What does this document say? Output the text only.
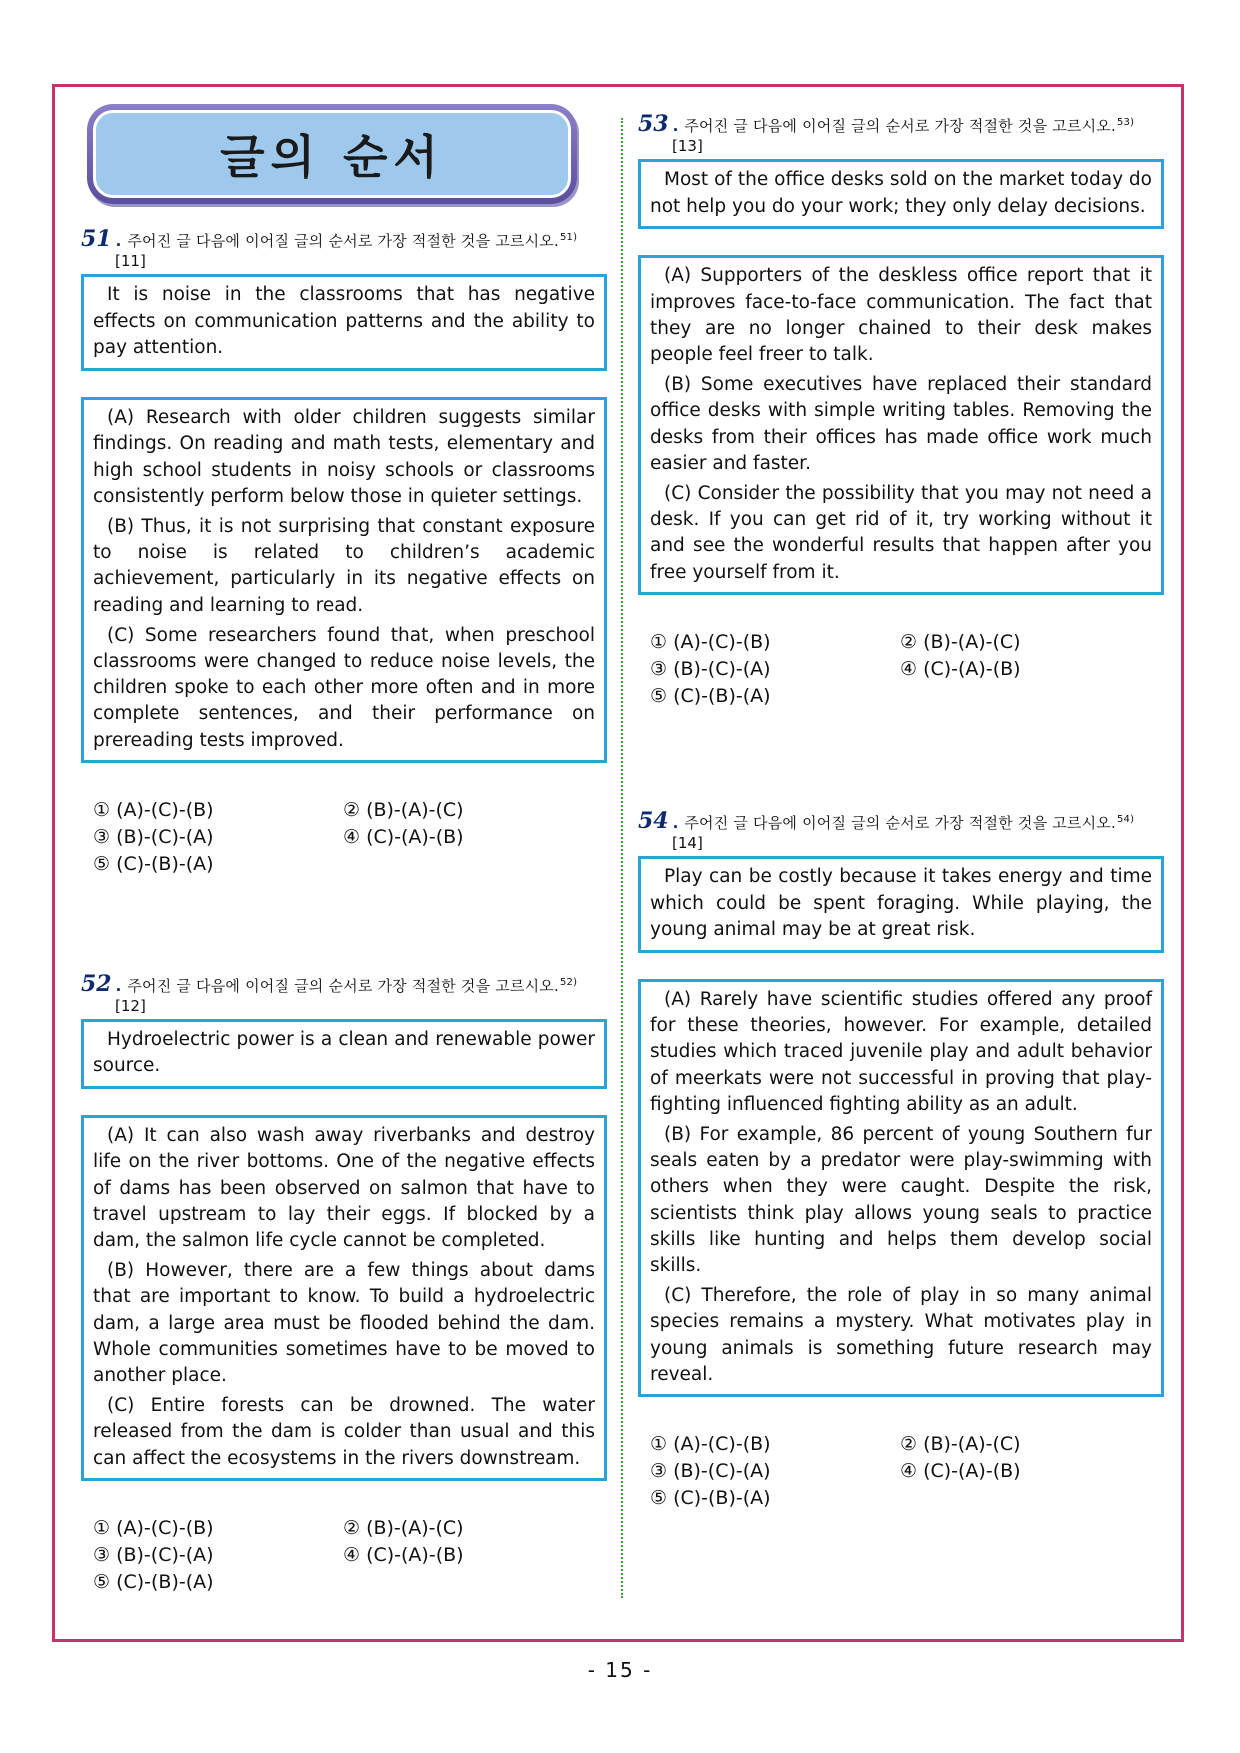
글의 순서
51 . 주어진 글 다음에 이어질 글의 순서로 가장 적절한 것을 고르시오.$^{51)}$
[11]

It is noise in the classrooms that has negative effects on communication patterns and the ability to pay attention.

(A) Research with older children suggests similar findings. On reading and math tests, elementary and high school students in noisy schools or classrooms consistently perform below those in quieter settings.

(B) Thus, it is not surprising that constant exposure to noise is related to children’s academic achievement, particularly in its negative effects on reading and learning to read.

(C) Some researchers found that, when preschool classrooms were changed to reduce noise levels, the children spoke to each other more often and in more complete sentences, and their performance on prereading tests improved.

① (A)-(C)-(B)	② (B)-(A)-(C)
③ (B)-(C)-(A)	④ (C)-(A)-(B)
⑤ (C)-(B)-(A)
52 . 주어진 글 다음에 이어질 글의 순서로 가장 적절한 것을 고르시오.$^{52)}$
[12]

Hydroelectric power is a clean and renewable power source.

(A) It can also wash away riverbanks and destroy life on the river bottoms. One of the negative effects of dams has been observed on salmon that have to travel upstream to lay their eggs. If blocked by a dam, the salmon life cycle cannot be completed.

(B) However, there are a few things about dams that are important to know. To build a hydroelectric dam, a large area must be flooded behind the dam. Whole communities sometimes have to be moved to another place.

(C) Entire forests can be drowned. The water released from the dam is colder than usual and this can affect the ecosystems in the rivers downstream.

① (A)-(C)-(B)	② (B)-(A)-(C)
③ (B)-(C)-(A)	④ (C)-(A)-(B)
⑤ (C)-(B)-(A)
53 . 주어진 글 다음에 이어질 글의 순서로 가장 적절한 것을 고르시오.$^{53)}$
[13]

Most of the office desks sold on the market today do not help you do your work; they only delay decisions.

(A) Supporters of the deskless office report that it improves face-to-face communication. The fact that they are no longer chained to their desk makes people feel freer to talk.

(B) Some executives have replaced their standard office desks with simple writing tables. Removing the desks from their offices has made office work much easier and faster.

(C) Consider the possibility that you may not need a desk. If you can get rid of it, try working without it and see the wonderful results that happen after you free yourself from it.

① (A)-(C)-(B)	② (B)-(A)-(C)
③ (B)-(C)-(A)	④ (C)-(A)-(B)
⑤ (C)-(B)-(A)
54 . 주어진 글 다음에 이어질 글의 순서로 가장 적절한 것을 고르시오.$^{54)}$
[14]

Play can be costly because it takes energy and time which could be spent foraging. While playing, the young animal may be at great risk.

(A) Rarely have scientific studies offered any proof for these theories, however. For example, detailed studies which traced juvenile play and adult behavior of meerkats were not successful in proving that play-fighting influenced fighting ability as an adult.

(B) For example, 86 percent of young Southern fur seals eaten by a predator were play-swimming with others when they were caught. Despite the risk, scientists think play allows young seals to practice skills like hunting and helps them develop social skills.

(C) Therefore, the role of play in so many animal species remains a mystery. What motivates play in young animals is something future research may reveal.

① (A)-(C)-(B)	② (B)-(A)-(C)
③ (B)-(C)-(A)	④ (C)-(A)-(B)
⑤ (C)-(B)-(A)
- 15 -
